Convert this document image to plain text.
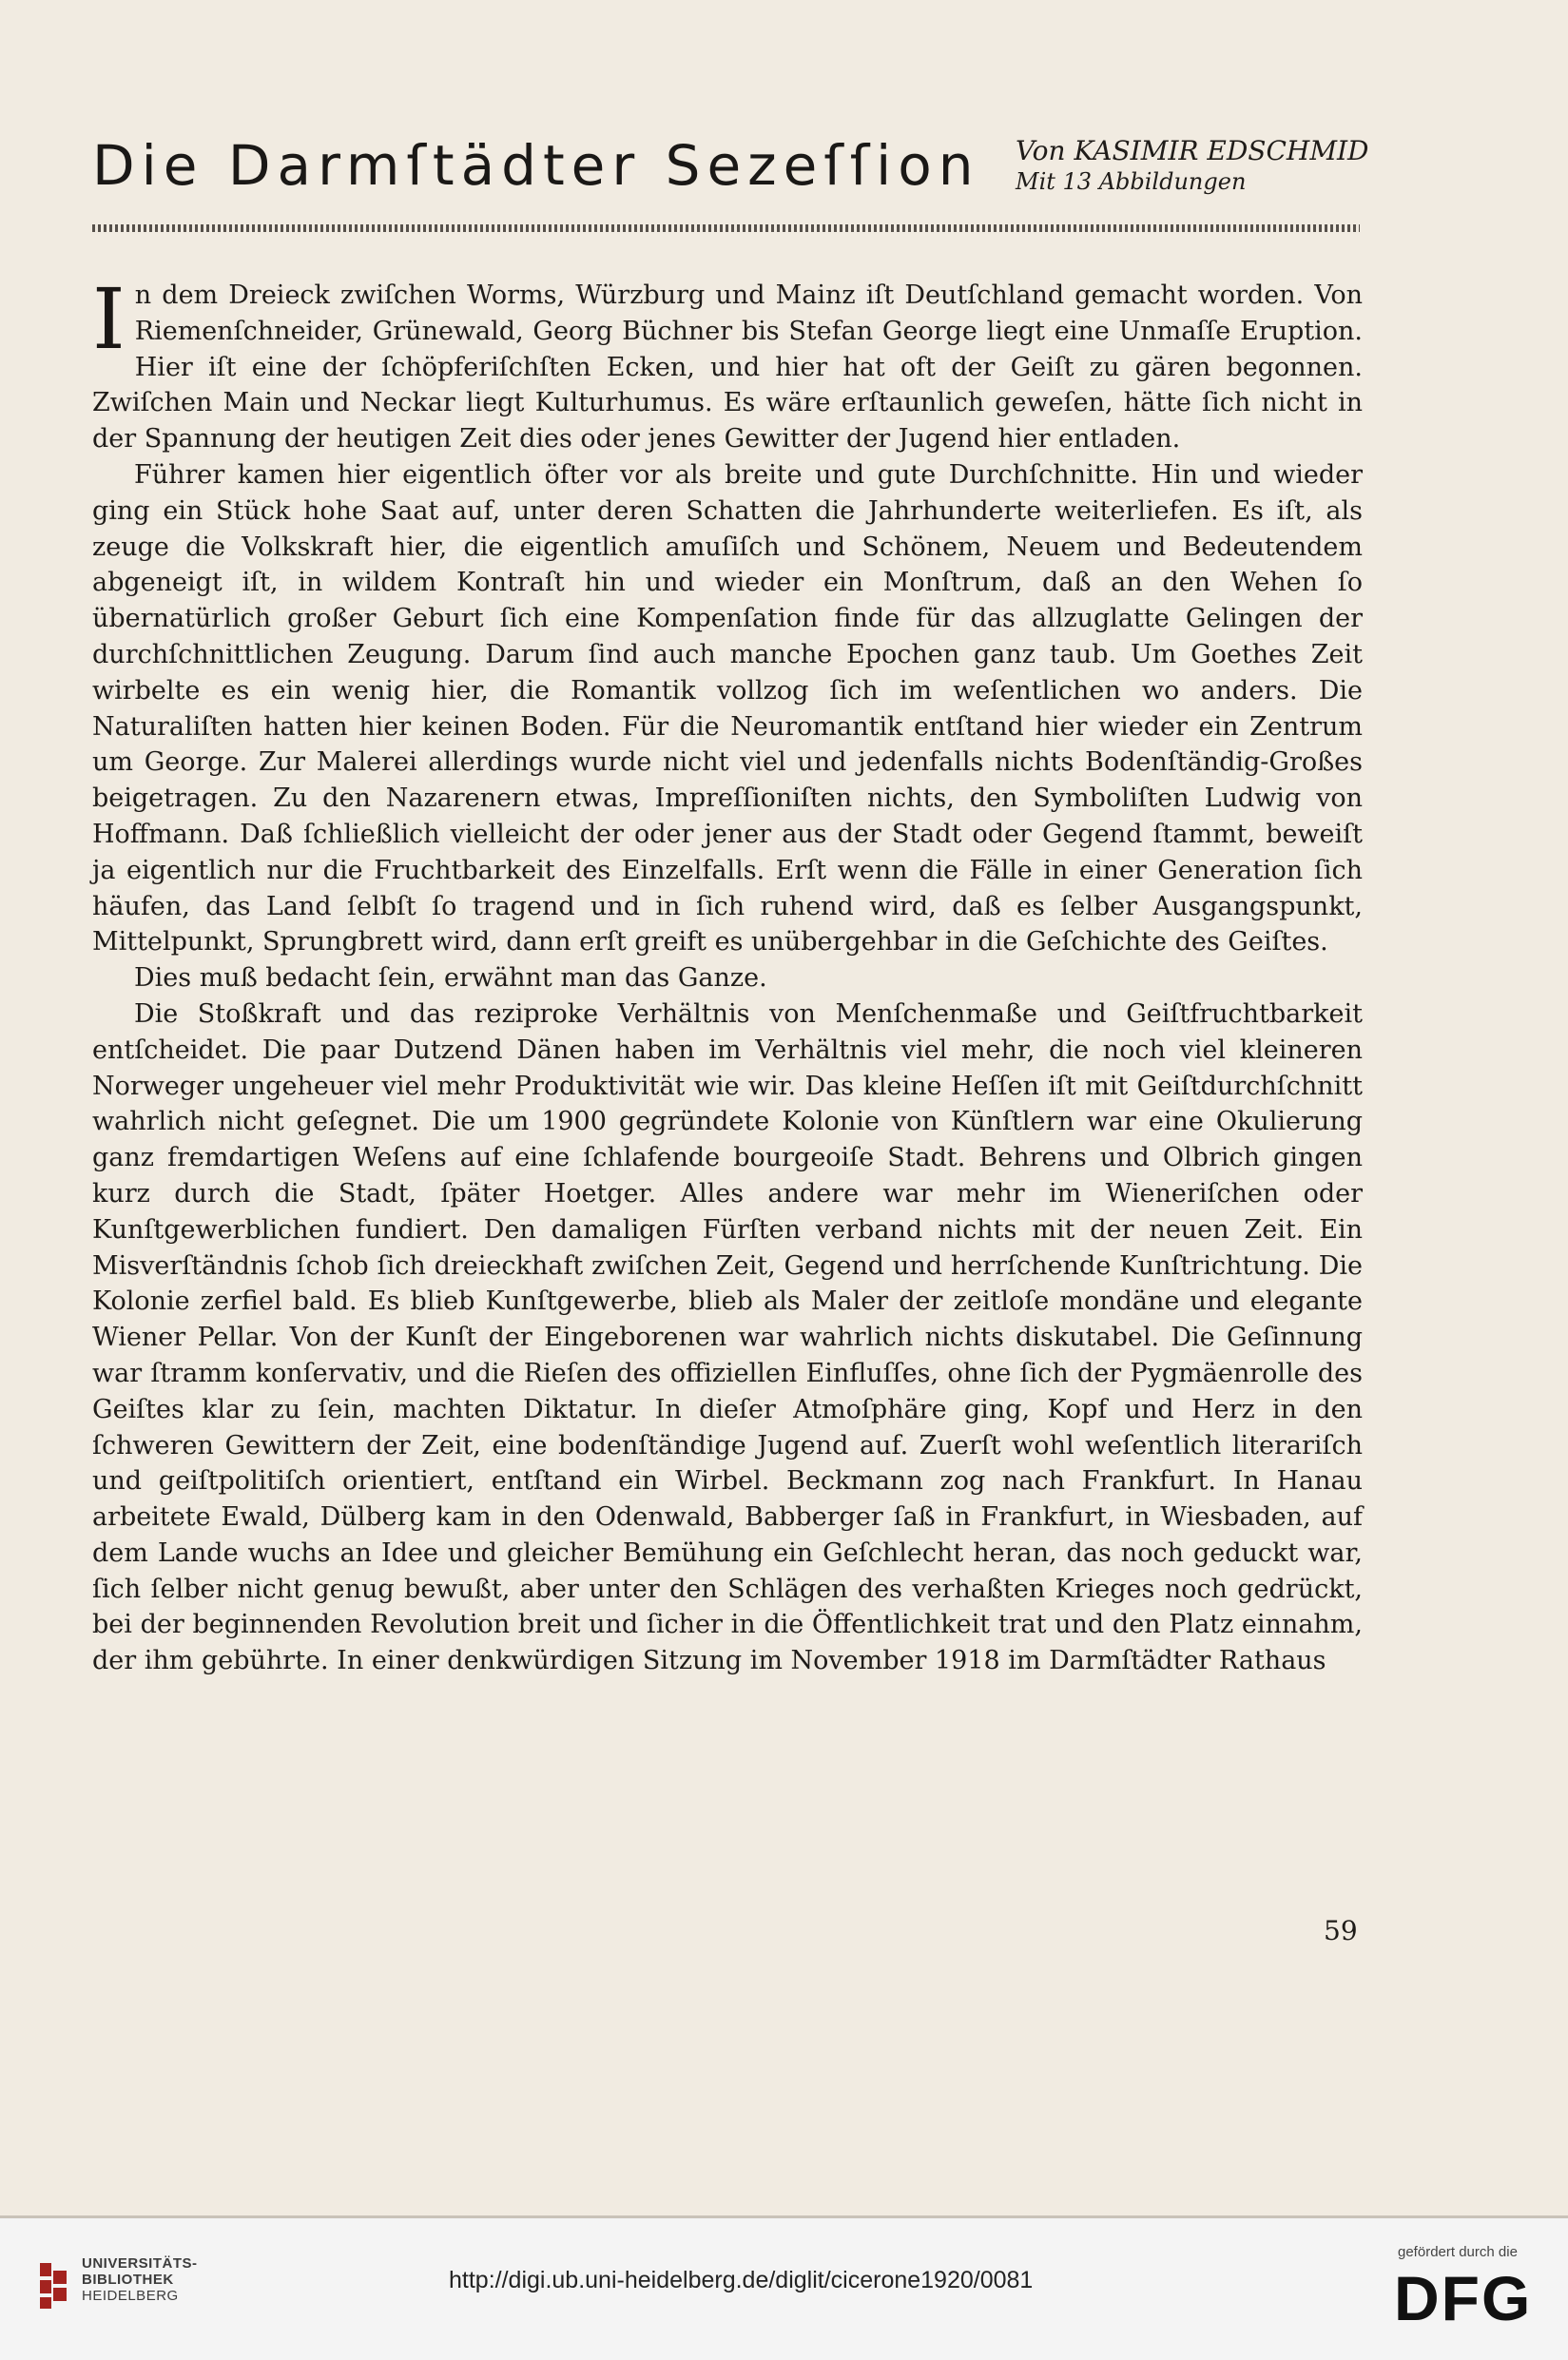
Die Darmſtädter Sezeſſion Von KASIMIR EDSCHMID
Mit 13 Abbildungen

In dem Dreieck zwiſchen Worms, Würzburg und Mainz iſt Deutſchland gemacht worden. Von Riemenſchneider, Grünewald, Georg Büchner bis Stefan George liegt eine Unmaſſe Eruption. Hier iſt eine der ſchöpferiſchſten Ecken, und hier hat oft der Geiſt zu gären begonnen. Zwiſchen Main und Neckar liegt Kulturhumus. Es wäre erſtaunlich geweſen, hätte ſich nicht in der Spannung der heutigen Zeit dies oder jenes Gewitter der Jugend hier entladen.

Führer kamen hier eigentlich öfter vor als breite und gute Durchſchnitte. Hin und wieder ging ein Stück hohe Saat auf, unter deren Schatten die Jahrhunderte weiterliefen. Es iſt, als zeuge die Volkskraft hier, die eigentlich amuſiſch und Schönem, Neuem und Bedeutendem abgeneigt iſt, in wildem Kontraſt hin und wieder ein Monſtrum, daß an den Wehen ſo übernatürlich großer Geburt ſich eine Kompenſation finde für das allzuglatte Gelingen der durchſchnittlichen Zeugung. Darum ſind auch manche Epochen ganz taub. Um Goethes Zeit wirbelte es ein wenig hier, die Romantik vollzog ſich im weſentlichen wo anders. Die Naturaliſten hatten hier keinen Boden. Für die Neuromantik entſtand hier wieder ein Zentrum um George. Zur Malerei allerdings wurde nicht viel und jedenfalls nichts Bodenſtändig-Großes beigetragen. Zu den Nazarenern etwas, Impreſſioniſten nichts, den Symboliſten Ludwig von Hoffmann. Daß ſchließlich vielleicht der oder jener aus der Stadt oder Gegend ſtammt, beweiſt ja eigentlich nur die Fruchtbarkeit des Einzelfalls. Erſt wenn die Fälle in einer Generation ſich häufen, das Land ſelbſt ſo tragend und in ſich ruhend wird, daß es ſelber Ausgangspunkt, Mittelpunkt, Sprungbrett wird, dann erſt greift es unübergehbar in die Geſchichte des Geiſtes.

Dies muß bedacht ſein, erwähnt man das Ganze.

Die Stoßkraft und das reziproke Verhältnis von Menſchenmaße und Geiſtfruchtbarkeit entſcheidet. Die paar Dutzend Dänen haben im Verhältnis viel mehr, die noch viel kleineren Norweger ungeheuer viel mehr Produktivität wie wir. Das kleine Heſſen iſt mit Geiſtdurchſchnitt wahrlich nicht geſegnet. Die um 1900 gegründete Kolonie von Künſtlern war eine Okulierung ganz fremdartigen Weſens auf eine ſchlafende bourgeoiſe Stadt. Behrens und Olbrich gingen kurz durch die Stadt, ſpäter Hoetger. Alles andere war mehr im Wieneriſchen oder Kunſtgewerblichen fundiert. Den damaligen Fürſten verband nichts mit der neuen Zeit. Ein Misverſtändnis ſchob ſich dreieckhaft zwiſchen Zeit, Gegend und herrſchende Kunſtrichtung. Die Kolonie zerfiel bald. Es blieb Kunſtgewerbe, blieb als Maler der zeitloſe mondäne und elegante Wiener Pellar. Von der Kunſt der Eingeborenen war wahrlich nichts diskutabel. Die Geſinnung war ſtramm konſervativ, und die Rieſen des offiziellen Einfluſſes, ohne ſich der Pygmäenrolle des Geiſtes klar zu ſein, machten Diktatur. In dieſer Atmoſphäre ging, Kopf und Herz in den ſchweren Gewittern der Zeit, eine bodenſtändige Jugend auf. Zuerſt wohl weſentlich literariſch und geiſtpolitiſch orientiert, entſtand ein Wirbel. Beckmann zog nach Frankfurt. In Hanau arbeitete Ewald, Dülberg kam in den Odenwald, Babberger ſaß in Frankfurt, in Wiesbaden, auf dem Lande wuchs an Idee und gleicher Bemühung ein Geſchlecht heran, das noch geduckt war, ſich ſelber nicht genug bewußt, aber unter den Schlägen des verhaßten Krieges noch gedrückt, bei der beginnenden Revolution breit und ſicher in die Öffentlichkeit trat und den Platz einnahm, der ihm gebührte. In einer denkwürdigen Sitzung im November 1918 im Darmſtädter Rathaus

59
UNIVERSITÄTS-
BIBLIOTHEK
HEIDELBERG
http://digi.ub.uni-heidelberg.de/diglit/cicerone1920/0081
gefördert durch die
DFG
